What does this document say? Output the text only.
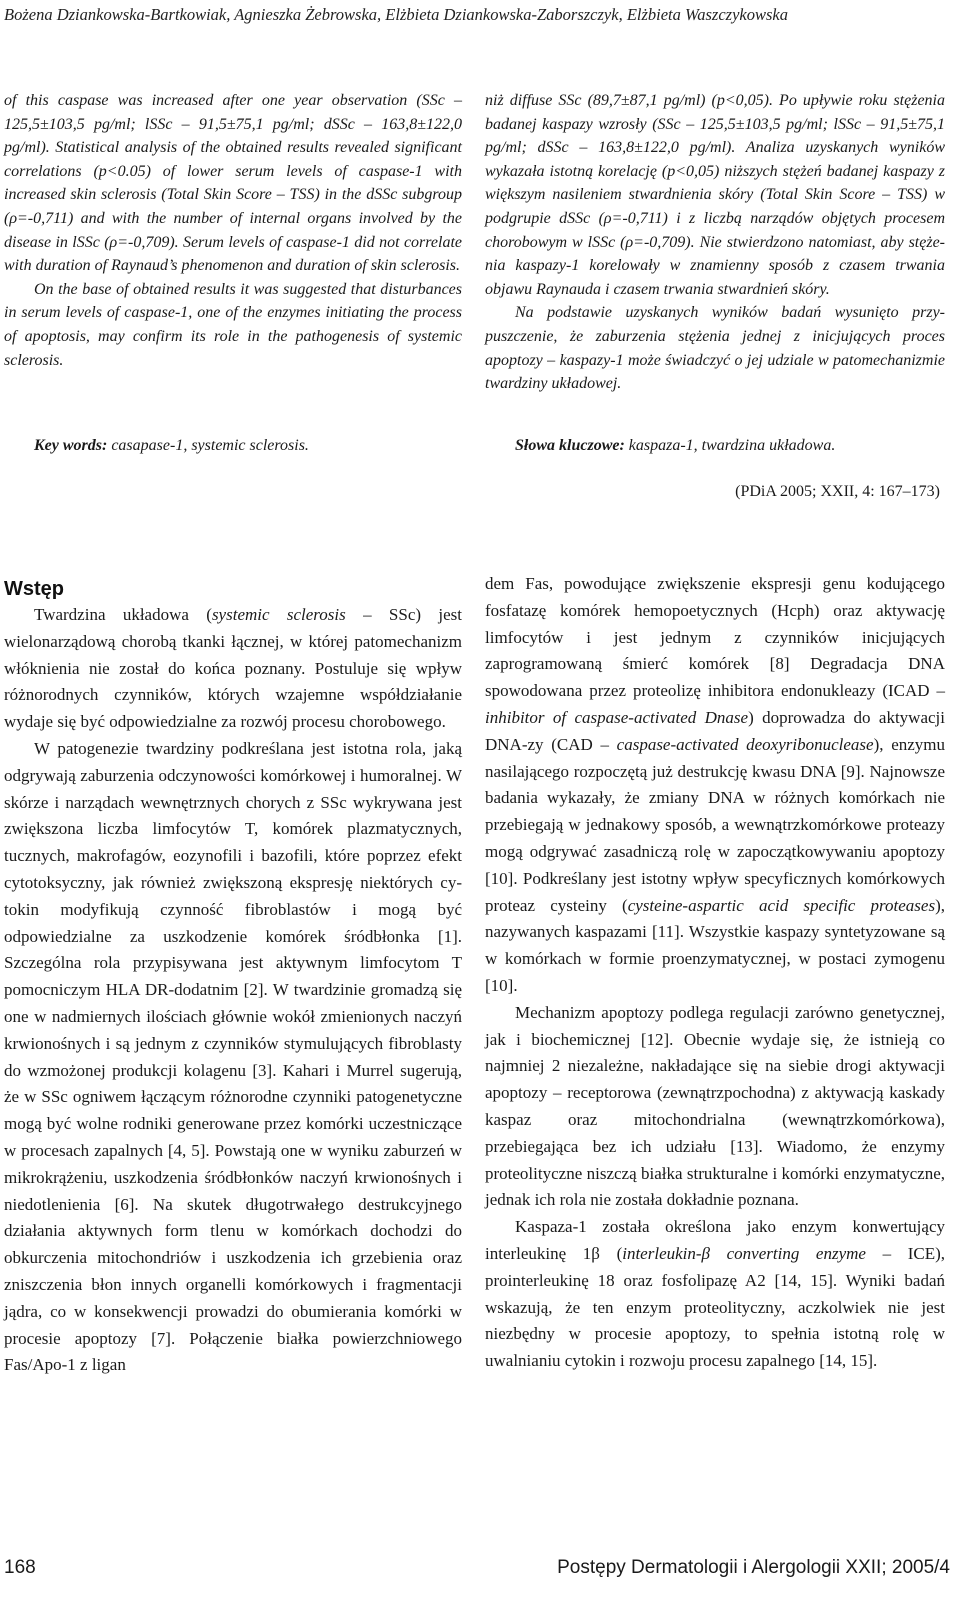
Bożena Dziankowska-Bartkowiak, Agnieszka Żebrowska, Elżbieta Dziankowska-Zaborszczyk, Elżbieta Waszczykowska

of this caspase was increased after one year observation (SSc – 125,5±103,5 pg/ml; lSSc – 91,5±75,1 pg/ml; dSSc – 163,8±122,0 pg/ml). Statistical analysis of the obtained results revealed significant correlations (p<0.05) of lower serum levels of caspase-1 with increased skin sclerosis (Total Skin Score – TSS) in the dSSc subgroup (ρ=-0,711) and with the number of internal organs involved by the disease in lSSc (ρ=-0,709). Serum levels of caspase-1 did not correlate with duration of Raynaud’s phenomenon and duration of skin sclerosis.

On the base of obtained results it was suggested that disturbances in serum levels of caspase-1, one of the enzymes initiating the process of apoptosis, may confirm its role in the pathogenesis of systemic sclerosis.

niż diffuse SSc (89,7±87,1 pg/ml) (p<0,05). Po upływie roku stężenia badanej kaspazy wzrosły (SSc – 125,5±103,5 pg/ml; lSSc – 91,5±75,1 pg/ml; dSSc – 163,8±122,0 pg/ml). Analiza uzyskanych wyników wykazała istotną korelację (p<0,05) niższych stężeń badanej kaspazy z większym nasileniem stwardnienia skóry (Total Skin Score – TSS) w podgrupie dSSc (ρ=-0,711) i z liczbą narządów objętych procesem chorobowym w lSSc (ρ=-0,709). Nie stwierdzono natomiast, aby stężenia kaspazy-1 korelowały w znamienny sposób z czasem trwania objawu Raynauda i czasem trwania stwardnień skóry.

Na podstawie uzyskanych wyników badań wysunięto przypuszczenie, że zaburzenia stężenia jednej z inicjujących proces apoptozy – kaspazy-1 może świadczyć o jej udziale w patomechanizmie twardziny układowej.

Key words: casapase-1, systemic sclerosis.	Słowa kluczowe: kaspaza-1, twardzina układowa.
(PDiA 2005; XXII, 4: 167–173)
Wstęp

Twardzina układowa (systemic sclerosis – SSc) jest wielonarządową chorobą tkanki łącznej, w której patomechanizm włóknienia nie został do końca poznany. Postuluje się wpływ różnorodnych czynników, których wzajemne współdziałanie wydaje się być odpowiedzialne za rozwój procesu chorobowego.

W patogenezie twardziny podkreślana jest istotna rola, jaką odgrywają zaburzenia odczynowości komórkowej i humoralnej. W skórze i narządach wewnętrznych chorych z SSc wykrywana jest zwiększona liczba limfocytów T, komórek plazmatycznych, tucznych, makrofagów, eozynofili i bazofili, które poprzez efekt cytotoksyczny, jak również zwiększoną ekspresję niektórych cytokin modyfikują czynność fibroblastów i mogą być odpowiedzialne za uszkodzenie komórek śródbłonka [1]. Szczególna rola przypisywana jest aktywnym limfocytom T pomocniczym HLA DR-dodatnim [2]. W twardzinie gromadzą się one w nadmiernych ilościach głównie wokół zmienionych naczyń krwionośnych i są jednym z czynników stymulujących fibroblasty do wzmożonej produkcji kolagenu [3]. Kahari i Murrel sugerują, że w SSc ogniwem łączącym różnorodne czynniki patogenetyczne mogą być wolne rodniki generowane przez komórki uczestniczące w procesach zapalnych [4, 5]. Powstają one w wyniku zaburzeń w mikrokrążeniu, uszkodzenia śródbłonków naczyń krwionośnych i niedotlenienia [6]. Na skutek długotrwałego destrukcyjnego działania aktywnych form tlenu w komórkach dochodzi do obkurczenia mitochondriów i uszkodzenia ich grzebienia oraz zniszczenia błon innych organelli komórkowych i fragmentacji jądra, co w konsekwencji prowadzi do obumierania komórki w procesie apoptozy [7]. Połączenie białka powierzchniowego Fas/Apo-1 z ligan

dem Fas, powodujące zwiększenie ekspresji genu kodującego fosfatazę komórek hemopoetycznych (Hcph) oraz aktywację limfocytów i jest jednym z czynników inicjujących zaprogramowaną śmierć komórek [8] Degradacja DNA spowodowana przez proteolizę inhibitora endonukleazy (ICAD – inhibitor of caspase-activated Dnase) doprowadza do aktywacji DNA-zy (CAD – caspase-activated deoxyribonuclease), enzymu nasilającego rozpoczętą już destrukcję kwasu DNA [9]. Najnowsze badania wykazały, że zmiany DNA w różnych komórkach nie przebiegają w jednakowy sposób, a wewnątrzkomórkowe proteazy mogą odgrywać zasadniczą rolę w zapoczątkowywaniu apoptozy [10]. Podkreślany jest istotny wpływ specyficznych komórkowych proteaz cysteiny (cysteine-aspartic acid specific proteases), nazywanych kaspazami [11]. Wszystkie kaspazy syntetyzowane są w komórkach w formie proenzymatycznej, w postaci zymogenu [10].

Mechanizm apoptozy podlega regulacji zarówno genetycznej, jak i biochemicznej [12]. Obecnie wydaje się, że istnieją co najmniej 2 niezależne, nakładające się na siebie drogi aktywacji apoptozy – receptorowa (zewnątrzpochodna) z aktywacją kaskady kaspaz oraz mitochondrialna (wewnątrzkomórkowa), przebiegająca bez ich udziału [13]. Wiadomo, że enzymy proteolityczne niszczą białka strukturalne i komórki enzymatyczne, jednak ich rola nie została dokładnie poznana.

Kaspaza-1 została określona jako enzym konwertujący interleukinę 1β (interleukin-β converting enzyme – ICE), prointerleukinę 18 oraz fosfolipazę A2 [14, 15]. Wyniki badań wskazują, że ten enzym proteolityczny, aczkolwiek nie jest niezbędny w procesie apoptozy, to spełnia istotną rolę w uwalnianiu cytokin i rozwoju procesu zapalnego [14, 15].

168	Postępy Dermatologii i Alergologii XXII; 2005/4
